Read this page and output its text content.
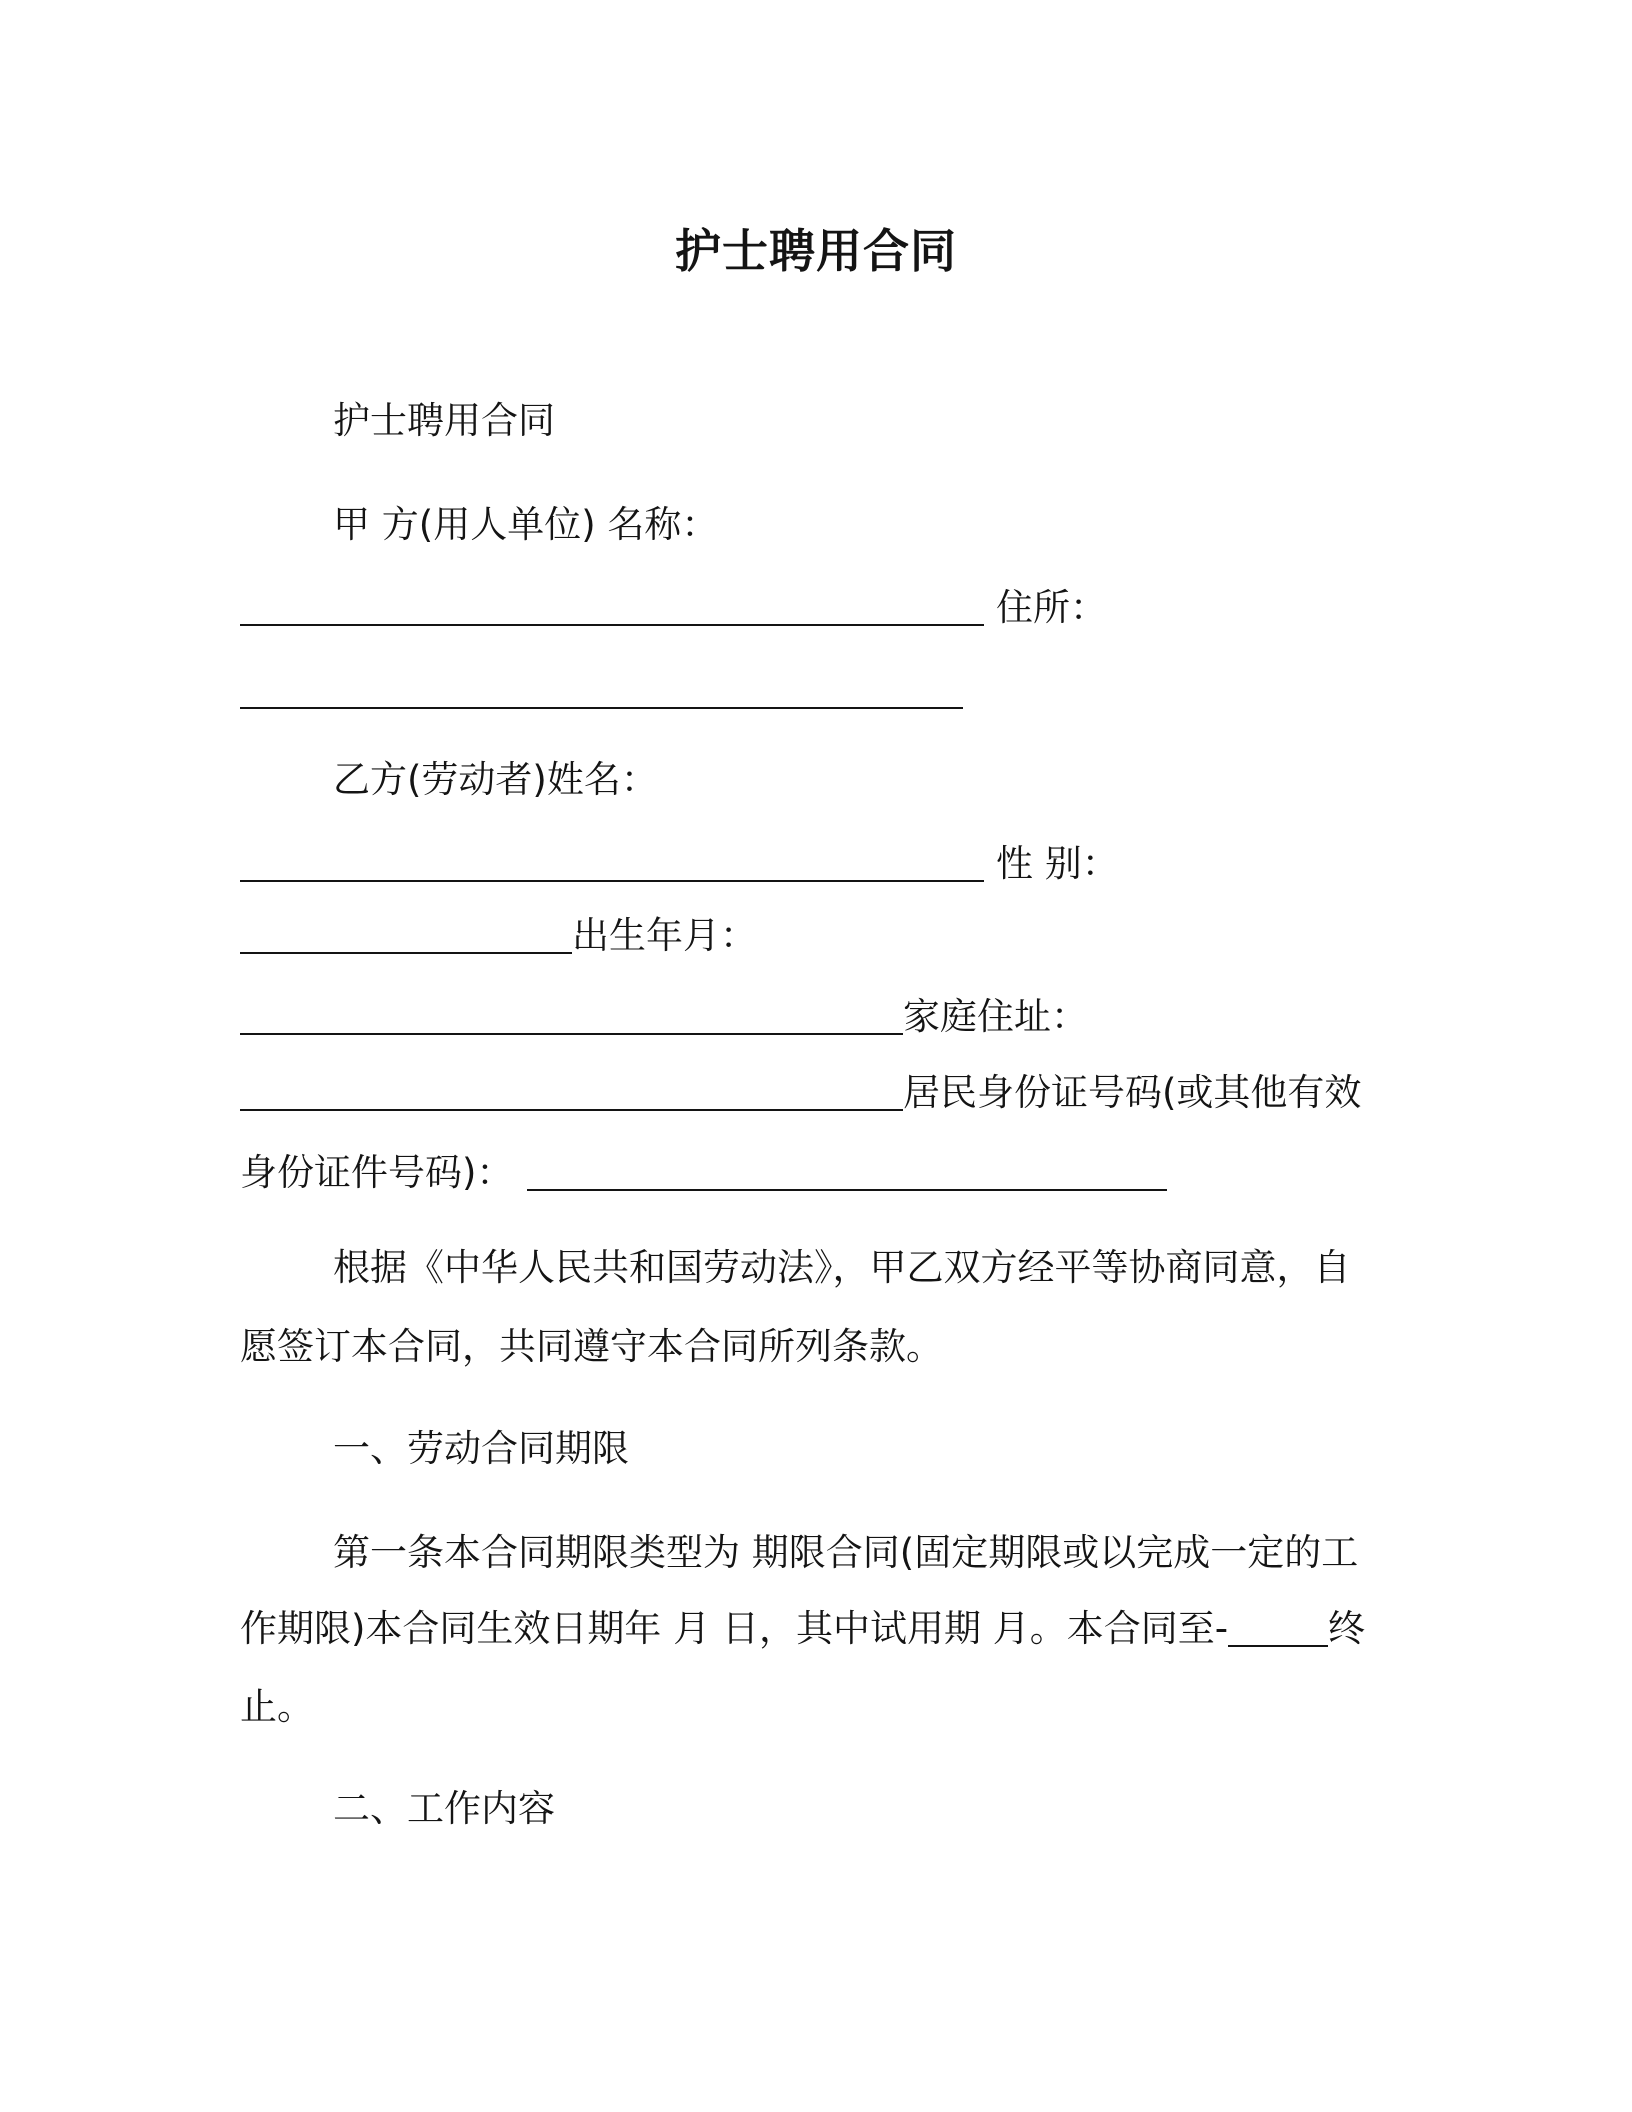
护士聘用合同
护士聘用合同
甲 方(用人单位) 名称：
住所：
乙方(劳动者)姓名：
性 别：
出生年月：
家庭住址：
居民身份证号码(或其他有效
身份证件号码)：
根据《中华人民共和国劳动法》，甲乙双方经平等协商同意，自
愿签订本合同，共同遵守本合同所列条款。
一、劳动合同期限
第一条本合同期限类型为 期限合同(固定期限或以完成一定的工
作期限)本合同生效日期年 月 日，其中试用期 月。本合同至-	终
止。
二、工作内容
